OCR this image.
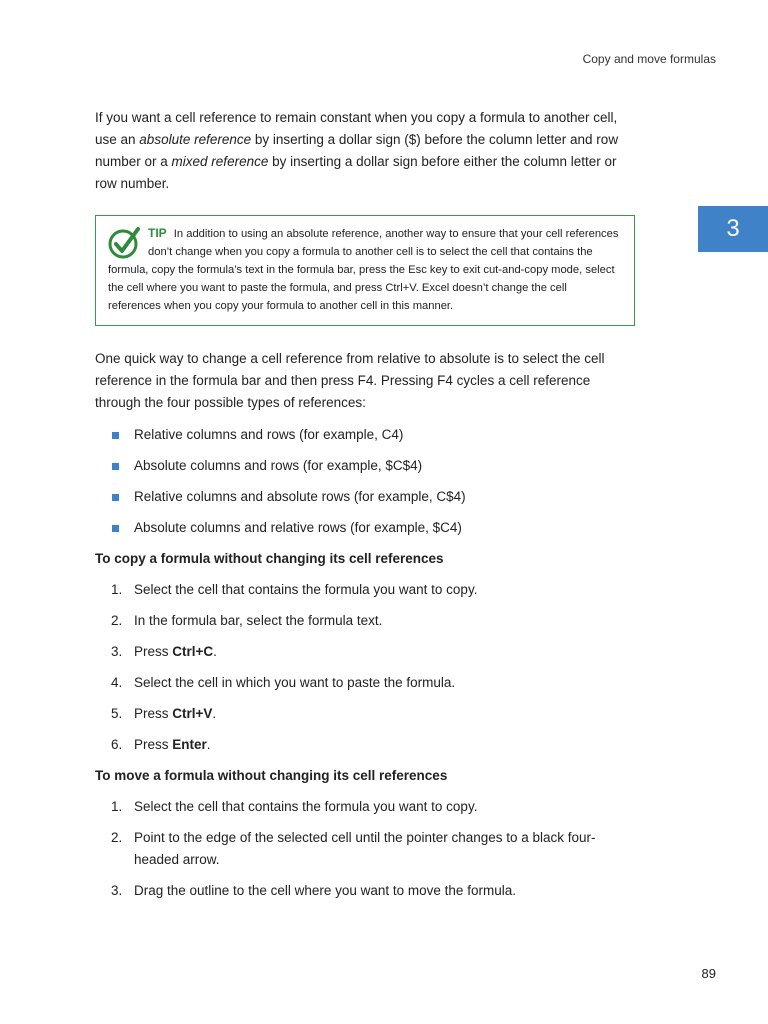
Copy and move formulas
3

If you want a cell reference to remain constant when you copy a formula to another cell, use an absolute reference by inserting a dollar sign ($) before the column letter and row number or a mixed reference by inserting a dollar sign before either the column letter or row number.

TIP In addition to using an absolute reference, another way to ensure that your cell references don’t change when you copy a formula to another cell is to select the cell that contains the formula, copy the formula’s text in the formula bar, press the Esc key to exit cut-and-copy mode, select the cell where you want to paste the formula, and press Ctrl+V. Excel doesn’t change the cell references when you copy your formula to another cell in this manner.

One quick way to change a cell reference from relative to absolute is to select the cell reference in the formula bar and then press F4. Pressing F4 cycles a cell reference through the four possible types of references:

Relative columns and rows (for example, C4)
Absolute columns and rows (for example, $C$4)
Relative columns and absolute rows (for example, C$4)
Absolute columns and relative rows (for example, $C4)

To copy a formula without changing its cell references

1. Select the cell that contains the formula you want to copy.
2. In the formula bar, select the formula text.
3. Press Ctrl+C.
4. Select the cell in which you want to paste the formula.
5. Press Ctrl+V.
6. Press Enter.

To move a formula without changing its cell references

1. Select the cell that contains the formula you want to copy.
2. Point to the edge of the selected cell until the pointer changes to a black four-headed arrow.
3. Drag the outline to the cell where you want to move the formula.
89
